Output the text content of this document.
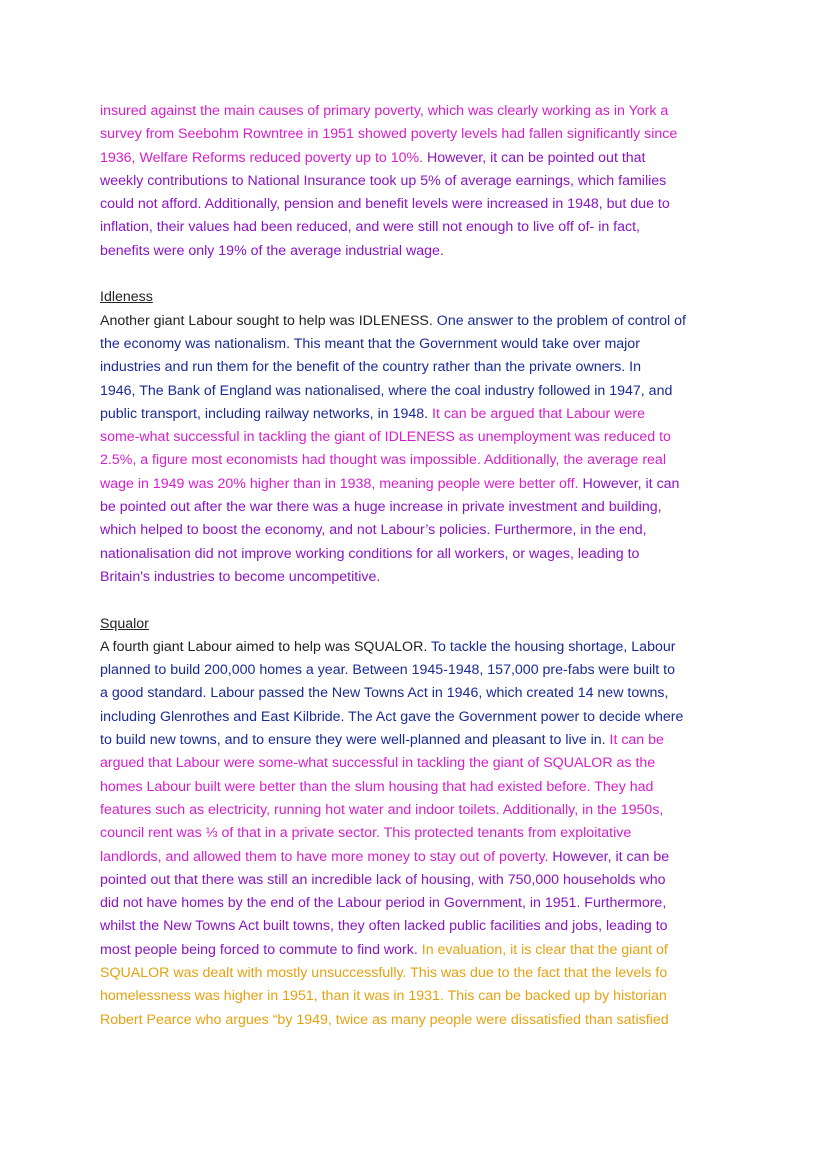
insured against the main causes of primary poverty, which was clearly working as in York a
survey from Seebohm Rowntree in 1951 showed poverty levels had fallen significantly since
1936, Welfare Reforms reduced poverty up to 10%. However, it can be pointed out that
weekly contributions to National Insurance took up 5% of average earnings, which families
could not afford. Additionally, pension and benefit levels were increased in 1948, but due to
inflation, their values had been reduced, and were still not enough to live off of- in fact,
benefits were only 19% of the average industrial wage.
Idleness
Another giant Labour sought to help was IDLENESS. One answer to the problem of control of
the economy was nationalism. This meant that the Government would take over major
industries and run them for the benefit of the country rather than the private owners. In
1946, The Bank of England was nationalised, where the coal industry followed in 1947, and
public transport, including railway networks, in 1948. It can be argued that Labour were
some-what successful in tackling the giant of IDLENESS as unemployment was reduced to
2.5%, a figure most economists had thought was impossible. Additionally, the average real
wage in 1949 was 20% higher than in 1938, meaning people were better off. However, it can
be pointed out after the war there was a huge increase in private investment and building,
which helped to boost the economy, and not Labour’s policies. Furthermore, in the end,
nationalisation did not improve working conditions for all workers, or wages, leading to
Britain's industries to become uncompetitive.
Squalor
A fourth giant Labour aimed to help was SQUALOR. To tackle the housing shortage, Labour
planned to build 200,000 homes a year. Between 1945-1948, 157,000 pre-fabs were built to
a good standard. Labour passed the New Towns Act in 1946, which created 14 new towns,
including Glenrothes and East Kilbride. The Act gave the Government power to decide where
to build new towns, and to ensure they were well-planned and pleasant to live in. It can be
argued that Labour were some-what successful in tackling the giant of SQUALOR as the
homes Labour built were better than the slum housing that had existed before. They had
features such as electricity, running hot water and indoor toilets. Additionally, in the 1950s,
council rent was ⅓ of that in a private sector. This protected tenants from exploitative
landlords, and allowed them to have more money to stay out of poverty. However, it can be
pointed out that there was still an incredible lack of housing, with 750,000 households who
did not have homes by the end of the Labour period in Government, in 1951. Furthermore,
whilst the New Towns Act built towns, they often lacked public facilities and jobs, leading to
most people being forced to commute to find work. In evaluation, it is clear that the giant of
SQUALOR was dealt with mostly unsuccessfully. This was due to the fact that the levels fo
homelessness was higher in 1951, than it was in 1931. This can be backed up by historian
Robert Pearce who argues “by 1949, twice as many people were dissatisfied than satisfied
